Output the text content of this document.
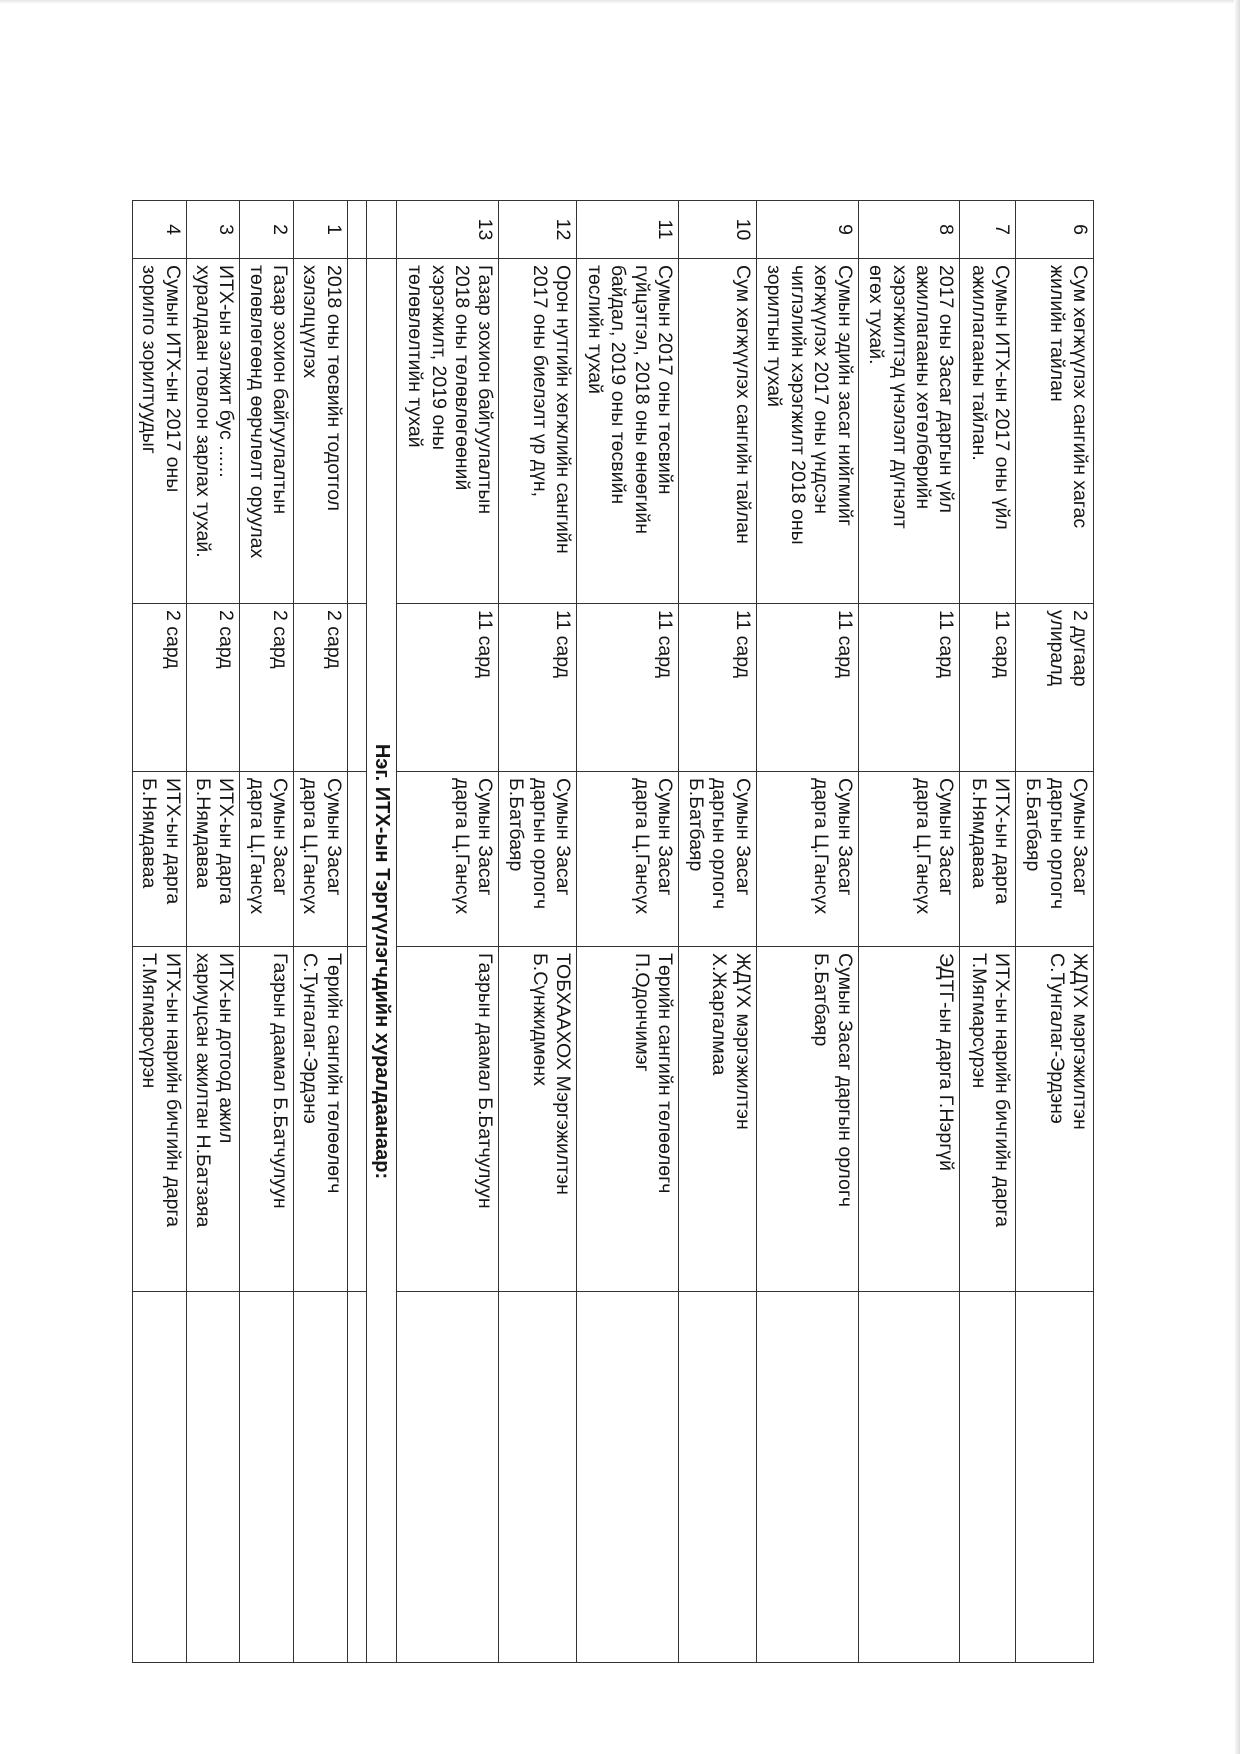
6	Сум хөгжүүлэх сангийн хагас
жилийн тайлан	2 дугаар
улиралд	Сумын Засаг
даргын орлогч
Б.Батбаяр	ЖДҮХ мэргэжилтэн
С.Тунгалаг-Эрдэнэ	

7	Сумын ИТХ-ын 2017 оны үйл
ажиллагааны тайлан.	11 сард	ИТХ-ын дарга
Б.Нямдаваа	ИТХ-ын нарийн бичгийн дарга
Т.Мягмарсүрэн	

8	2017 оны Засаг даргын үйл
ажиллагааны хөтөлбөрийн
хэрэгжилтэд үнэлэлт дүгнэлт
өгөх тухай.	11 сард	Сумын Засаг
дарга Ц.Гансүх	ЭДТГ-ын дарга Г.Нэргүй	

9	Сумын эдийн засаг нийгмийг
хөгжүүлэх 2017 оны үндсэн
чиглэлийн хэрэгжилт 2018 оны
зорилтын тухай	11 сард	Сумын Засаг
дарга Ц.Гансүх	Сумын Засаг даргын орлогч
Б.Батбаяр	

10	Сум хөгжүүлэх сангийн тайлан	11 сард	Сумын Засаг
даргын орлогч
Б.Батбаяр	ЖДҮХ мэргэжилтэн
Х.Жаргалмаа	

11	Сумын 2017 оны төсвийн
гүйцэтгэл, 2018 оны өнөөгийн
байдал, 2019 оны төсвийн
төслийн тухай	11 сард	Сумын Засаг
дарга Ц.Гансүх	Төрийн сангийн төлөөлөгч
П.Одончимэг	

12	Орон нутгийн хөгжлийн сангийн
2017 оны биелэлт үр дүн,	11 сард	Сумын Засаг
даргын орлогч
Б.Батбаяр	ТОБХААХОХ Мэргэжилтэн
Б.Сүнжидмөнх	

13	Газар зохион байгуулалтын
2018 оны төлөвлөгөөний
хэрэгжилт, 2019 оны
төлөвлөлтийн тухай	11 сард	Сумын Засаг
дарга Ц.Гансүх	Газрын даамал Б.Батчулуун	

	Нэг. ИТХ-ын Тэргүүлэгчдийн хуралдаанаар:				

1	2018 оны төсвийн тодотгол
хэлэлцүүлэх	2 сард	Сумын Засаг
дарга Ц.Гансүх	Төрийн сангийн төлөөлөгч
С.Тунгалаг-Эрдэнэ	

2	Газар зохион байгуулалтын
төлөвлөгөөнд өөрчлөлт оруулах	2 сард	Сумын Засаг
дарга Ц.Гансүх	Газрын даамал Б.Батчулуун	

3	ИТХ-ын ээлжит бус ......
хуралдаан товлон зарлах тухай.	2 сард	ИТХ-ын дарга
Б.Нямдаваа	ИТХ-ын дотоод ажил
хариуцсан ажилтан Н.Батзаяа	

4	Сумын ИТХ-ын 2017 оны
зорилго зорилтуудыг	2 сард	ИТХ-ын дарга
Б.Нямдаваа	ИТХ-ын нарийн бичгийн дарга
Т.Мягмарсүрэн	
